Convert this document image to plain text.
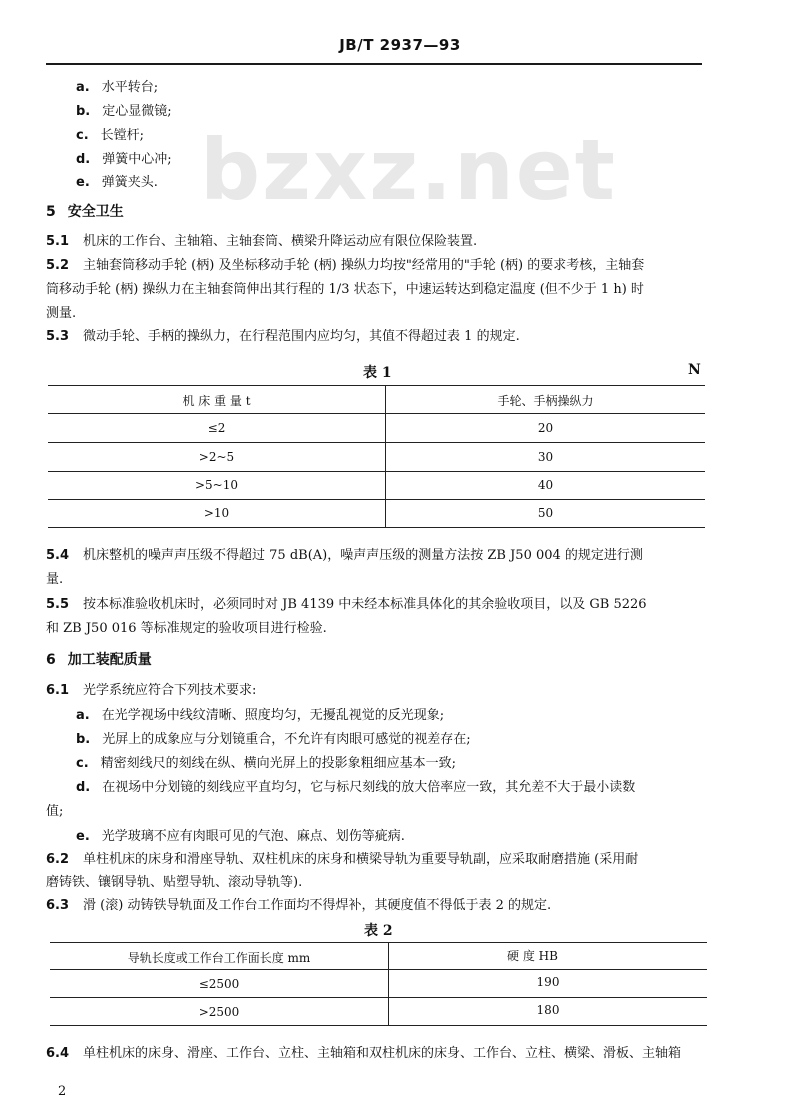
JB/T 2937—93
bzxz.net
a. 水平转台;
b. 定心显微镜;
c. 长镗杆;
d. 弹簧中心冲;
e. 弹簧夹头.
5 安全卫生
5.1 机床的工作台、主轴箱、主轴套筒、横梁升降运动应有限位保险装置.
5.2 主轴套筒移动手轮 (柄) 及坐标移动手轮 (柄) 操纵力均按"经常用的"手轮 (柄) 的要求考核，主轴套
筒移动手轮 (柄) 操纵力在主轴套筒伸出其行程的 1/3 状态下，中速运转达到稳定温度 (但不少于 1 h) 时
测量.
5.3 微动手轮、手柄的操纵力，在行程范围内应均匀，其值不得超过表 1 的规定.
表 1	N
机 床 重 量 t	手轮、手柄操纵力
≤2	20
>2~5	30
>5~10	40
>10	50
5.4 机床整机的噪声声压级不得超过 75 dB(A)，噪声声压级的测量方法按 ZB J50 004 的规定进行测
量.
5.5 按本标准验收机床时，必须同时对 JB 4139 中未经本标准具体化的其余验收项目，以及 GB 5226
和 ZB J50 016 等标准规定的验收项目进行检验.
6 加工装配质量
6.1 光学系统应符合下列技术要求:
a. 在光学视场中线纹清晰、照度均匀，无擾乱视觉的反光现象;
b. 光屏上的成象应与分划镜重合，不允许有肉眼可感觉的视差存在;
c. 精密刻线尺的刻线在纵、横向光屏上的投影象粗细应基本一致;
d. 在视场中分划镜的刻线应平直均匀，它与标尺刻线的放大倍率应一致，其允差不大于最小读数
值;
e. 光学玻璃不应有肉眼可见的气泡、麻点、划伤等疵病.
6.2 单柱机床的床身和滑座导轨、双柱机床的床身和横梁导轨为重要导轨副，应采取耐磨措施 (采用耐
磨铸铁、镶钢导轨、贴塑导轨、滚动导轨等).
6.3 滑 (滚) 动铸铁导轨面及工作台工作面均不得焊补，其硬度值不得低于表 2 的规定.
表 2
导轨长度或工作台工作面长度 mm	硬 度 HB
≤2500	190
>2500	180
6.4 单柱机床的床身、滑座、工作台、立柱、主轴箱和双柱机床的床身、工作台、立柱、横梁、滑板、主轴箱
2
